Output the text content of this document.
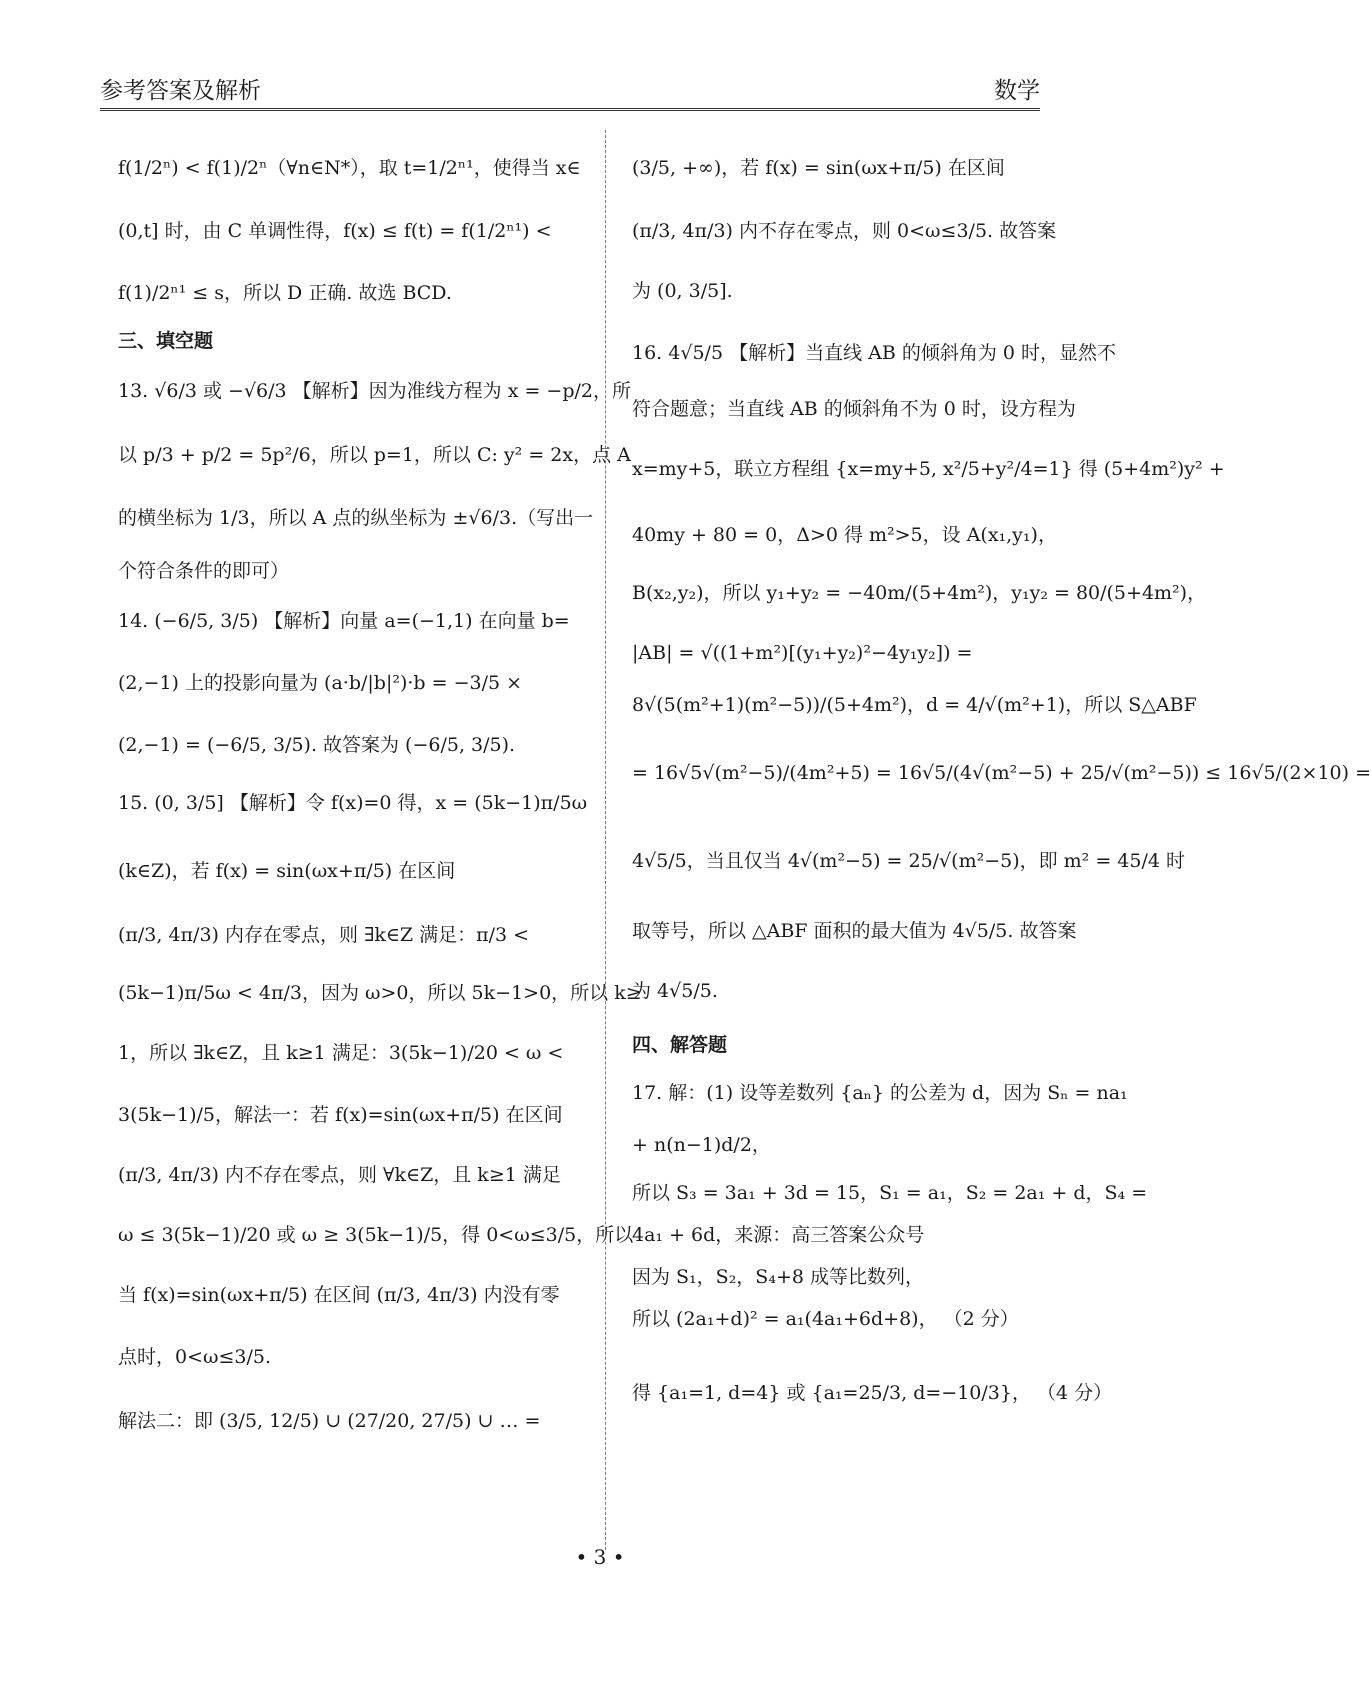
参考答案及解析	数学
f(1/2ⁿ) < f(1)/2ⁿ（∀n∈N*），取 t=1/2ⁿ¹，使得当 x∈
(0,t] 时，由 C 单调性得，f(x) ≤ f(t) = f(1/2ⁿ¹) <
f(1)/2ⁿ¹ ≤ s，所以 D 正确. 故选 BCD.
三、填空题
13. √6/3 或 −√6/3 【解析】因为准线方程为 x = −p/2，所
以 p/3 + p/2 = 5p²/6，所以 p=1，所以 C: y² = 2x，点 A
的横坐标为 1/3，所以 A 点的纵坐标为 ±√6/3.（写出一
个符合条件的即可）
14. (−6/5, 3/5) 【解析】向量 a=(−1,1) 在向量 b=
(2,−1) 上的投影向量为 (a·b/|b|²)·b = −3/5 ×
(2,−1) = (−6/5, 3/5). 故答案为 (−6/5, 3/5).
15. (0, 3/5] 【解析】令 f(x)=0 得，x = (5k−1)π/5ω
(k∈Z)，若 f(x) = sin(ωx+π/5) 在区间
(π/3, 4π/3) 内存在零点，则 ∃k∈Z 满足：π/3 <
(5k−1)π/5ω < 4π/3，因为 ω>0，所以 5k−1>0，所以 k≥
1，所以 ∃k∈Z，且 k≥1 满足：3(5k−1)/20 < ω <
3(5k−1)/5，解法一：若 f(x)=sin(ωx+π/5) 在区间
(π/3, 4π/3) 内不存在零点，则 ∀k∈Z，且 k≥1 满足
ω ≤ 3(5k−1)/20 或 ω ≥ 3(5k−1)/5，得 0<ω≤3/5，所以
当 f(x)=sin(ωx+π/5) 在区间 (π/3, 4π/3) 内没有零
点时，0<ω≤3/5.
解法二：即 (3/5, 12/5) ∪ (27/20, 27/5) ∪ … =
(3/5, +∞)，若 f(x) = sin(ωx+π/5) 在区间
(π/3, 4π/3) 内不存在零点，则 0<ω≤3/5. 故答案
为 (0, 3/5].
16. 4√5/5 【解析】当直线 AB 的倾斜角为 0 时，显然不
符合题意；当直线 AB 的倾斜角不为 0 时，设方程为
x=my+5，联立方程组 {x=my+5, x²/5+y²/4=1} 得 (5+4m²)y² +
40my + 80 = 0，Δ>0 得 m²>5，设 A(x₁,y₁)，
B(x₂,y₂)，所以 y₁+y₂ = −40m/(5+4m²)，y₁y₂ = 80/(5+4m²)，
|AB| = √((1+m²)[(y₁+y₂)²−4y₁y₂]) =
8√(5(m²+1)(m²−5))/(5+4m²)，d = 4/√(m²+1)，所以 S△ABF
= 16√5√(m²−5)/(4m²+5) = 16√5/(4√(m²−5) + 25/√(m²−5)) ≤ 16√5/(2×10) =
4√5/5，当且仅当 4√(m²−5) = 25/√(m²−5)，即 m² = 45/4 时
取等号，所以 △ABF 面积的最大值为 4√5/5. 故答案
为 4√5/5.
四、解答题
17. 解：(1) 设等差数列 {aₙ} 的公差为 d，因为 Sₙ = na₁
+ n(n−1)d/2，
所以 S₃ = 3a₁ + 3d = 15，S₁ = a₁，S₂ = 2a₁ + d，S₄ =
4a₁ + 6d，来源：高三答案公众号
因为 S₁，S₂，S₄+8 成等比数列，
所以 (2a₁+d)² = a₁(4a₁+6d+8)， （2 分）
得 {a₁=1, d=4} 或 {a₁=25/3, d=−10/3}， （4 分）
• 3 •
